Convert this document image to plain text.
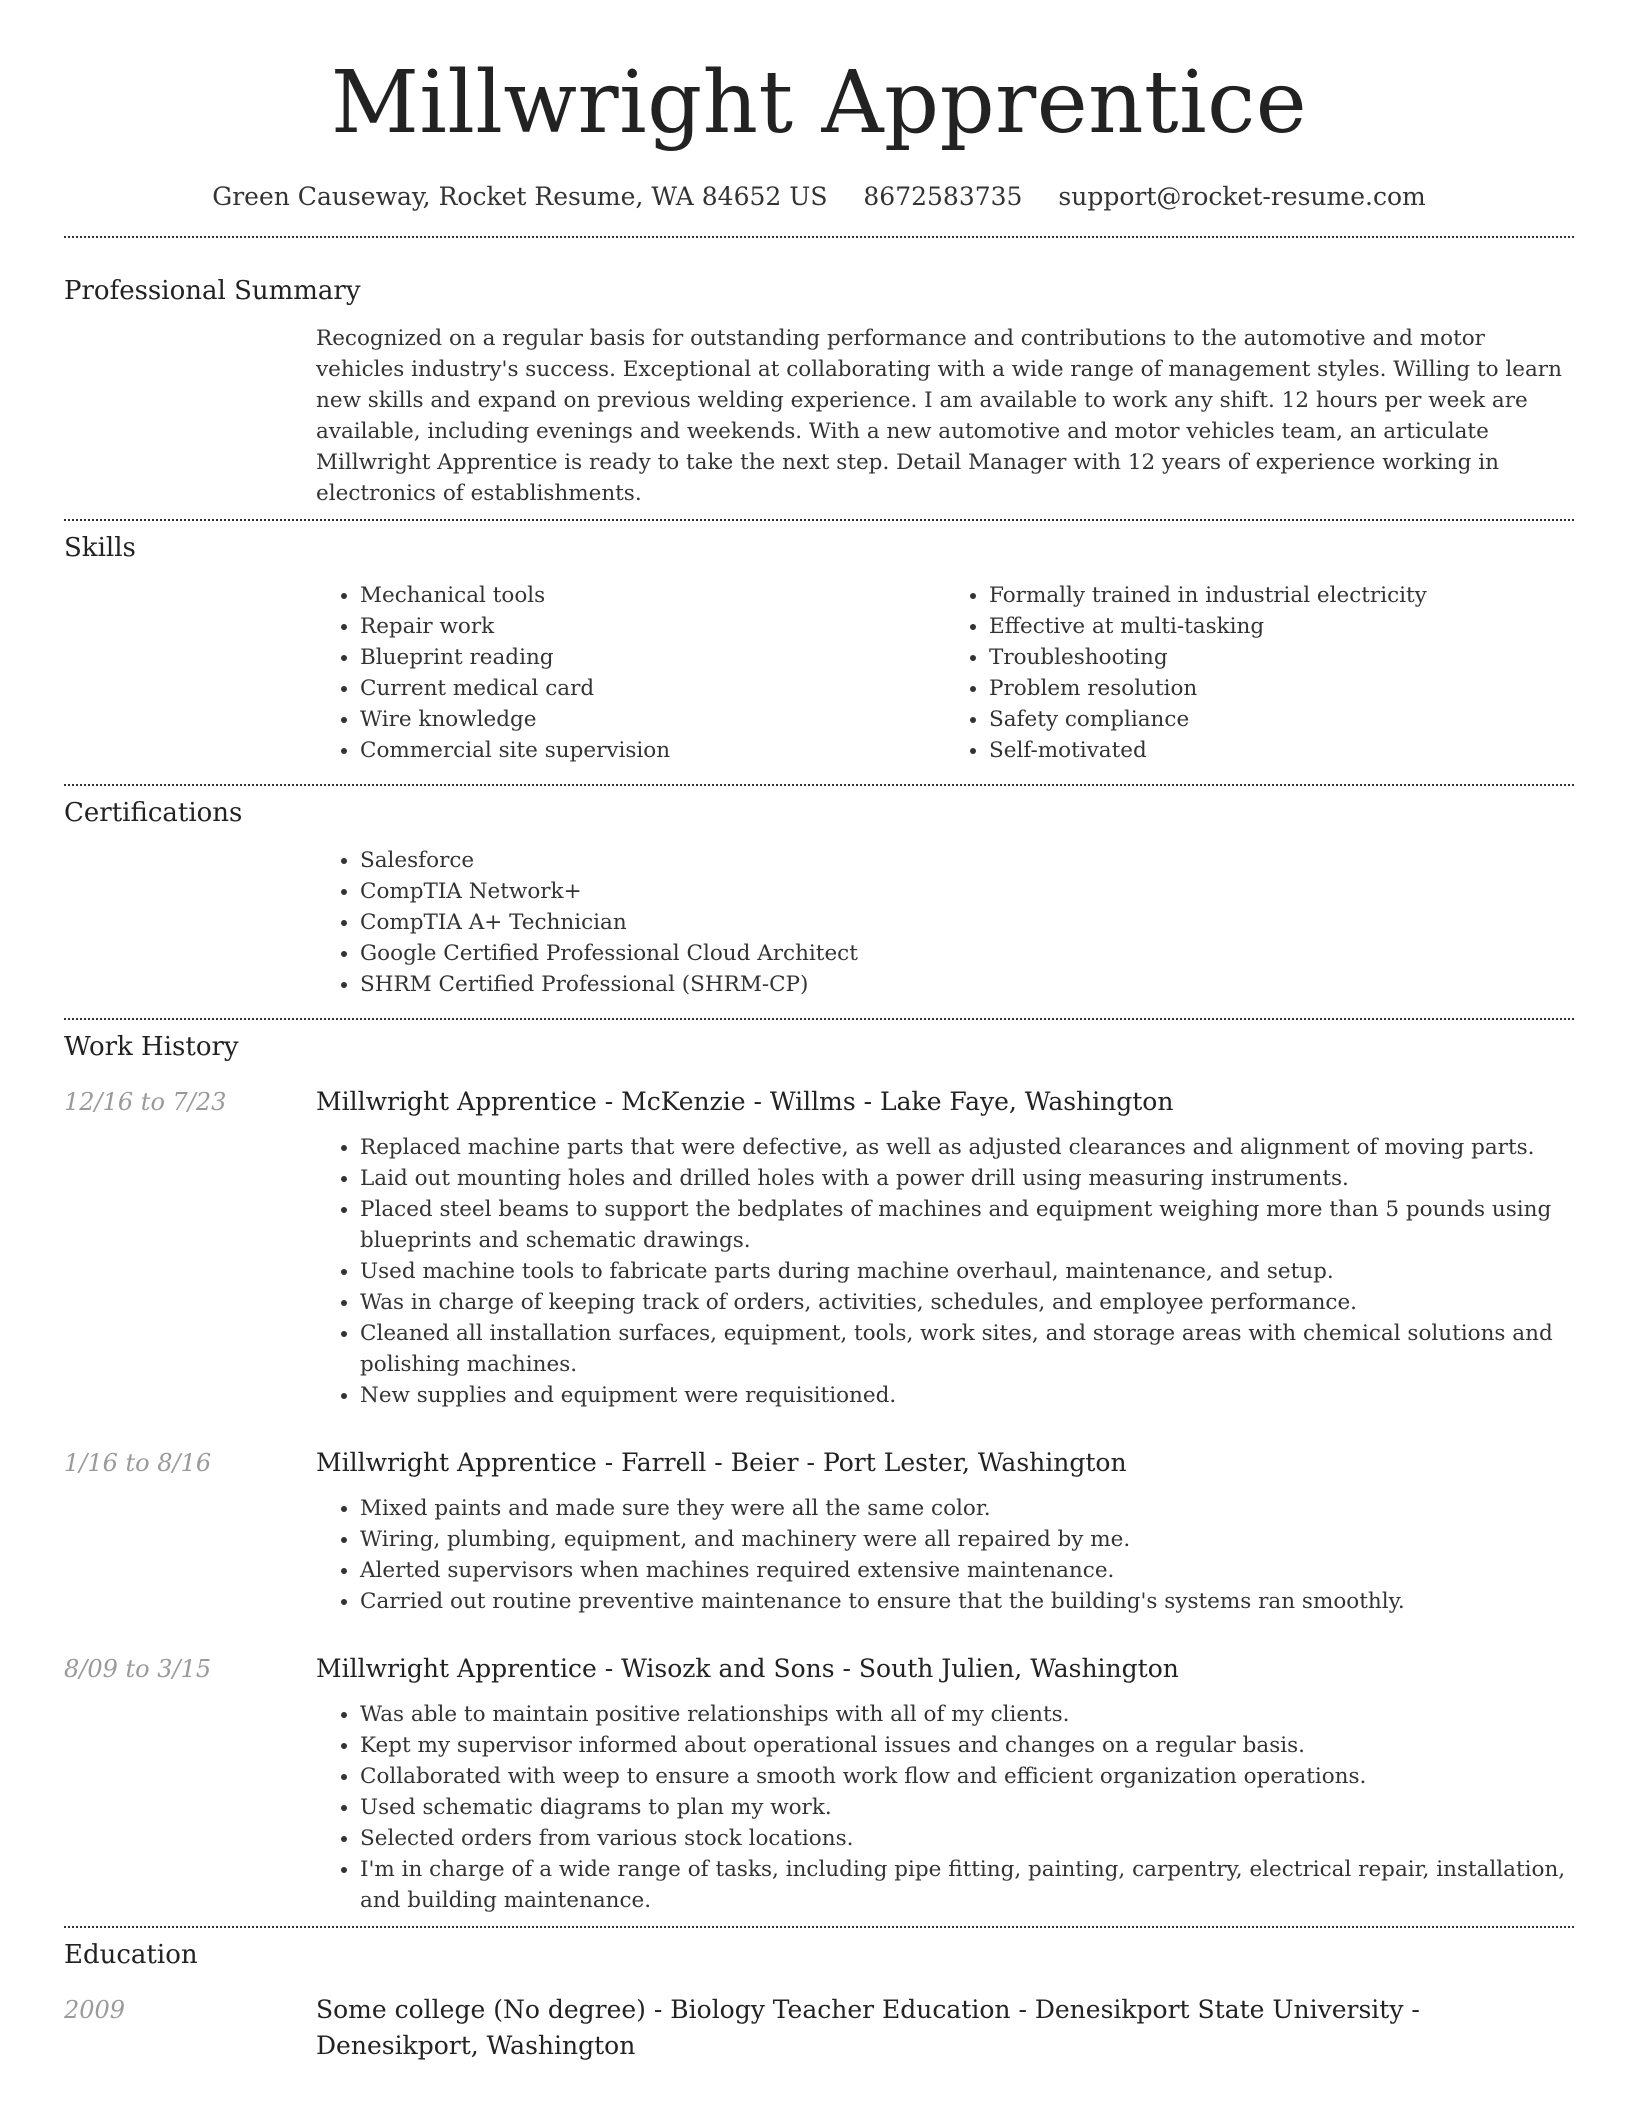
Millwright Apprentice
Green Causeway, Rocket Resume, WA 84652 US 8672583735 support@rocket-resume.com
Professional Summary

Recognized on a regular basis for outstanding performance and contributions to the automotive and motor vehicles industry's success. Exceptional at collaborating with a wide range of management styles. Willing to learn new skills and expand on previous welding experience. I am available to work any shift. 12 hours per week are available, including evenings and weekends. With a new automotive and motor vehicles team, an articulate Millwright Apprentice is ready to take the next step. Detail Manager with 12 years of experience working in electronics of establishments.

Skills
• Mechanical tools
• Repair work
• Blueprint reading
• Current medical card
• Wire knowledge
• Commercial site supervision
• Formally trained in industrial electricity
• Effective at multi-tasking
• Troubleshooting
• Problem resolution
• Safety compliance
• Self-motivated
Certifications
• Salesforce
• CompTIA Network+
• CompTIA A+ Technician
• Google Certified Professional Cloud Architect
• SHRM Certified Professional (SHRM-CP)
Work History
12/16 to 7/23	Millwright Apprentice - McKenzie - Willms - Lake Faye, Washington
• Replaced machine parts that were defective, as well as adjusted clearances and alignment of moving parts.
• Laid out mounting holes and drilled holes with a power drill using measuring instruments.
• Placed steel beams to support the bedplates of machines and equipment weighing more than 5 pounds using blueprints and schematic drawings.
• Used machine tools to fabricate parts during machine overhaul, maintenance, and setup.
• Was in charge of keeping track of orders, activities, schedules, and employee performance.
• Cleaned all installation surfaces, equipment, tools, work sites, and storage areas with chemical solutions and polishing machines.
• New supplies and equipment were requisitioned.
1/16 to 8/16	Millwright Apprentice - Farrell - Beier - Port Lester, Washington
• Mixed paints and made sure they were all the same color.
• Wiring, plumbing, equipment, and machinery were all repaired by me.
• Alerted supervisors when machines required extensive maintenance.
• Carried out routine preventive maintenance to ensure that the building's systems ran smoothly.
8/09 to 3/15	Millwright Apprentice - Wisozk and Sons - South Julien, Washington
• Was able to maintain positive relationships with all of my clients.
• Kept my supervisor informed about operational issues and changes on a regular basis.
• Collaborated with weep to ensure a smooth work flow and efficient organization operations.
• Used schematic diagrams to plan my work.
• Selected orders from various stock locations.
• I'm in charge of a wide range of tasks, including pipe fitting, painting, carpentry, electrical repair, installation, and building maintenance.
Education
2009	Some college (No degree) - Biology Teacher Education - Denesikport State University - Denesikport, Washington
